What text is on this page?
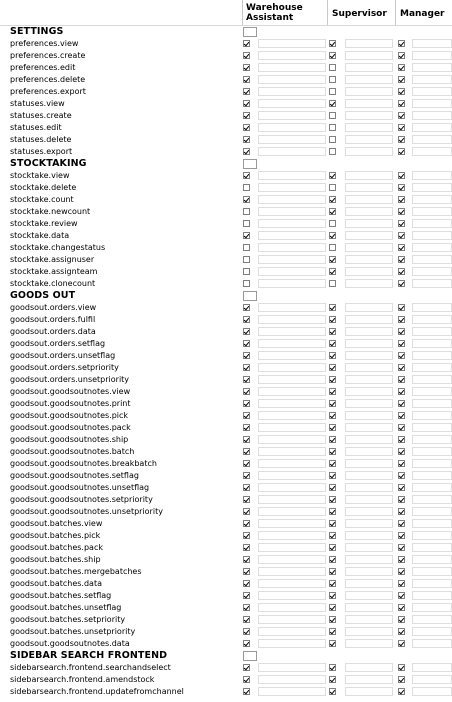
Warehouse Assistant	Supervisor Manager
SETTINGS
preferences.view
preferences.create
preferences.edit
preferences.delete
preferences.export
statuses.view
statuses.create
statuses.edit
statuses.delete
statuses.export
STOCKTAKING
stocktake.view
stocktake.delete
stocktake.count
stocktake.newcount
stocktake.review
stocktake.data
stocktake.changestatus
stocktake.assignuser
stocktake.assignteam
stocktake.clonecount
GOODS OUT
goodsout.orders.view
goodsout.orders.fulfil
goodsout.orders.data
goodsout.orders.setflag
goodsout.orders.unsetflag
goodsout.orders.setpriority
goodsout.orders.unsetpriority
goodsout.goodsoutnotes.view
goodsout.goodsoutnotes.print
goodsout.goodsoutnotes.pick
goodsout.goodsoutnotes.pack
goodsout.goodsoutnotes.ship
goodsout.goodsoutnotes.batch
goodsout.goodsoutnotes.breakbatch
goodsout.goodsoutnotes.setflag
goodsout.goodsoutnotes.unsetflag
goodsout.goodsoutnotes.setpriority
goodsout.goodsoutnotes.unsetpriority
goodsout.batches.view
goodsout.batches.pick
goodsout.batches.pack
goodsout.batches.ship
goodsout.batches.mergebatches
goodsout.batches.data
goodsout.batches.setflag
goodsout.batches.unsetflag
goodsout.batches.setpriority
goodsout.batches.unsetpriority
goodsout.goodsoutnotes.data
SIDEBAR SEARCH FRONTEND
sidebarsearch.frontend.searchandselect
sidebarsearch.frontend.amendstock
sidebarsearch.frontend.updatefromchannel
